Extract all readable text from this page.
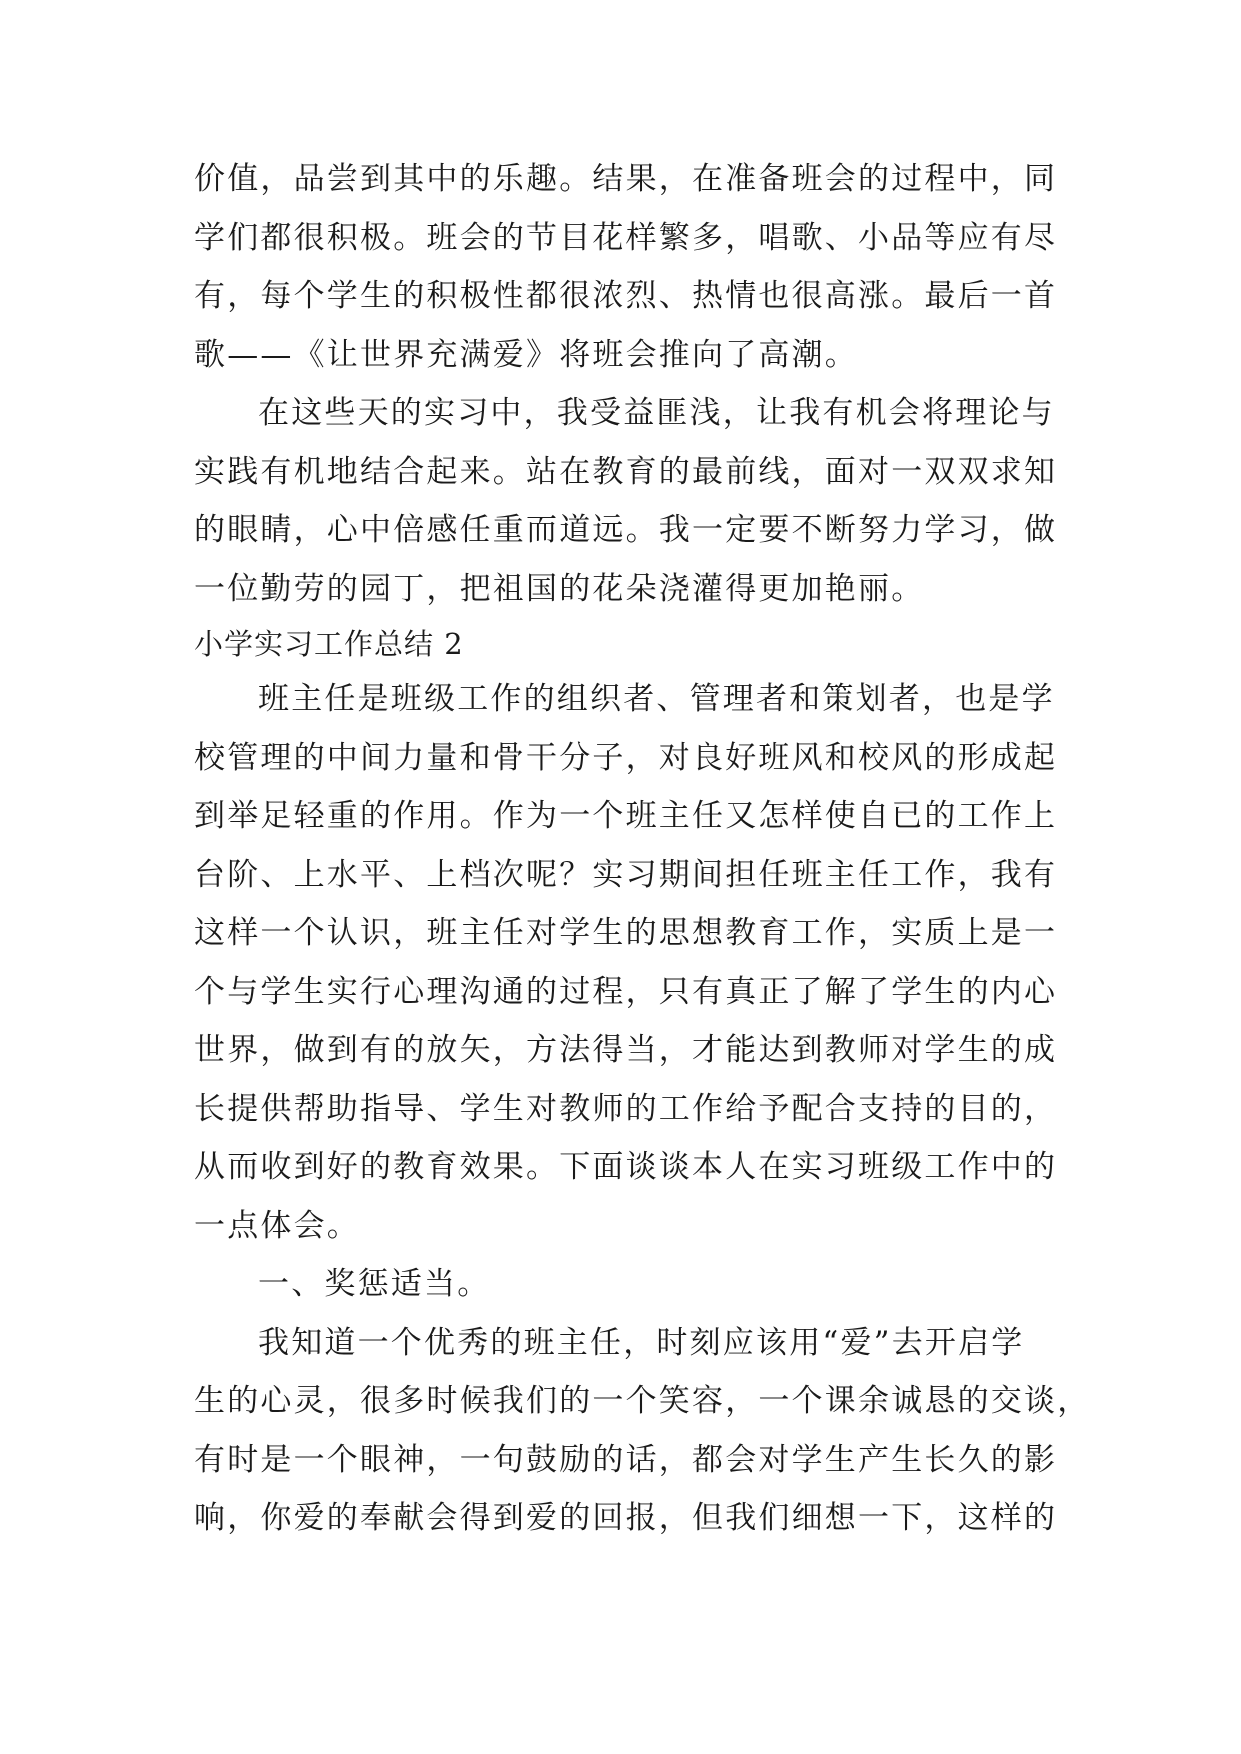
价值，品尝到其中的乐趣。结果，在准备班会的过程中，同
学们都很积极。班会的节目花样繁多，唱歌、小品等应有尽
有，每个学生的积极性都很浓烈、热情也很高涨。最后一首
歌——《让世界充满爱》将班会推向了高潮。
在这些天的实习中，我受益匪浅，让我有机会将理论与
实践有机地结合起来。站在教育的最前线，面对一双双求知
的眼睛，心中倍感任重而道远。我一定要不断努力学习，做
一位勤劳的园丁，把祖国的花朵浇灌得更加艳丽。
小学实习工作总结 2
班主任是班级工作的组织者、管理者和策划者，也是学
校管理的中间力量和骨干分子，对良好班风和校风的形成起
到举足轻重的作用。作为一个班主任又怎样使自已的工作上
台阶、上水平、上档次呢？实习期间担任班主任工作，我有
这样一个认识，班主任对学生的思想教育工作，实质上是一
个与学生实行心理沟通的过程，只有真正了解了学生的内心
世界，做到有的放矢，方法得当，才能达到教师对学生的成
长提供帮助指导、学生对教师的工作给予配合支持的目的，
从而收到好的教育效果。下面谈谈本人在实习班级工作中的
一点体会。
一、奖惩适当。
我知道一个优秀的班主任，时刻应该用“爱”去开启学
生的心灵，很多时候我们的一个笑容，一个课余诚恳的交谈，
有时是一个眼神，一句鼓励的话，都会对学生产生长久的影
响，你爱的奉献会得到爱的回报，但我们细想一下，这样的
